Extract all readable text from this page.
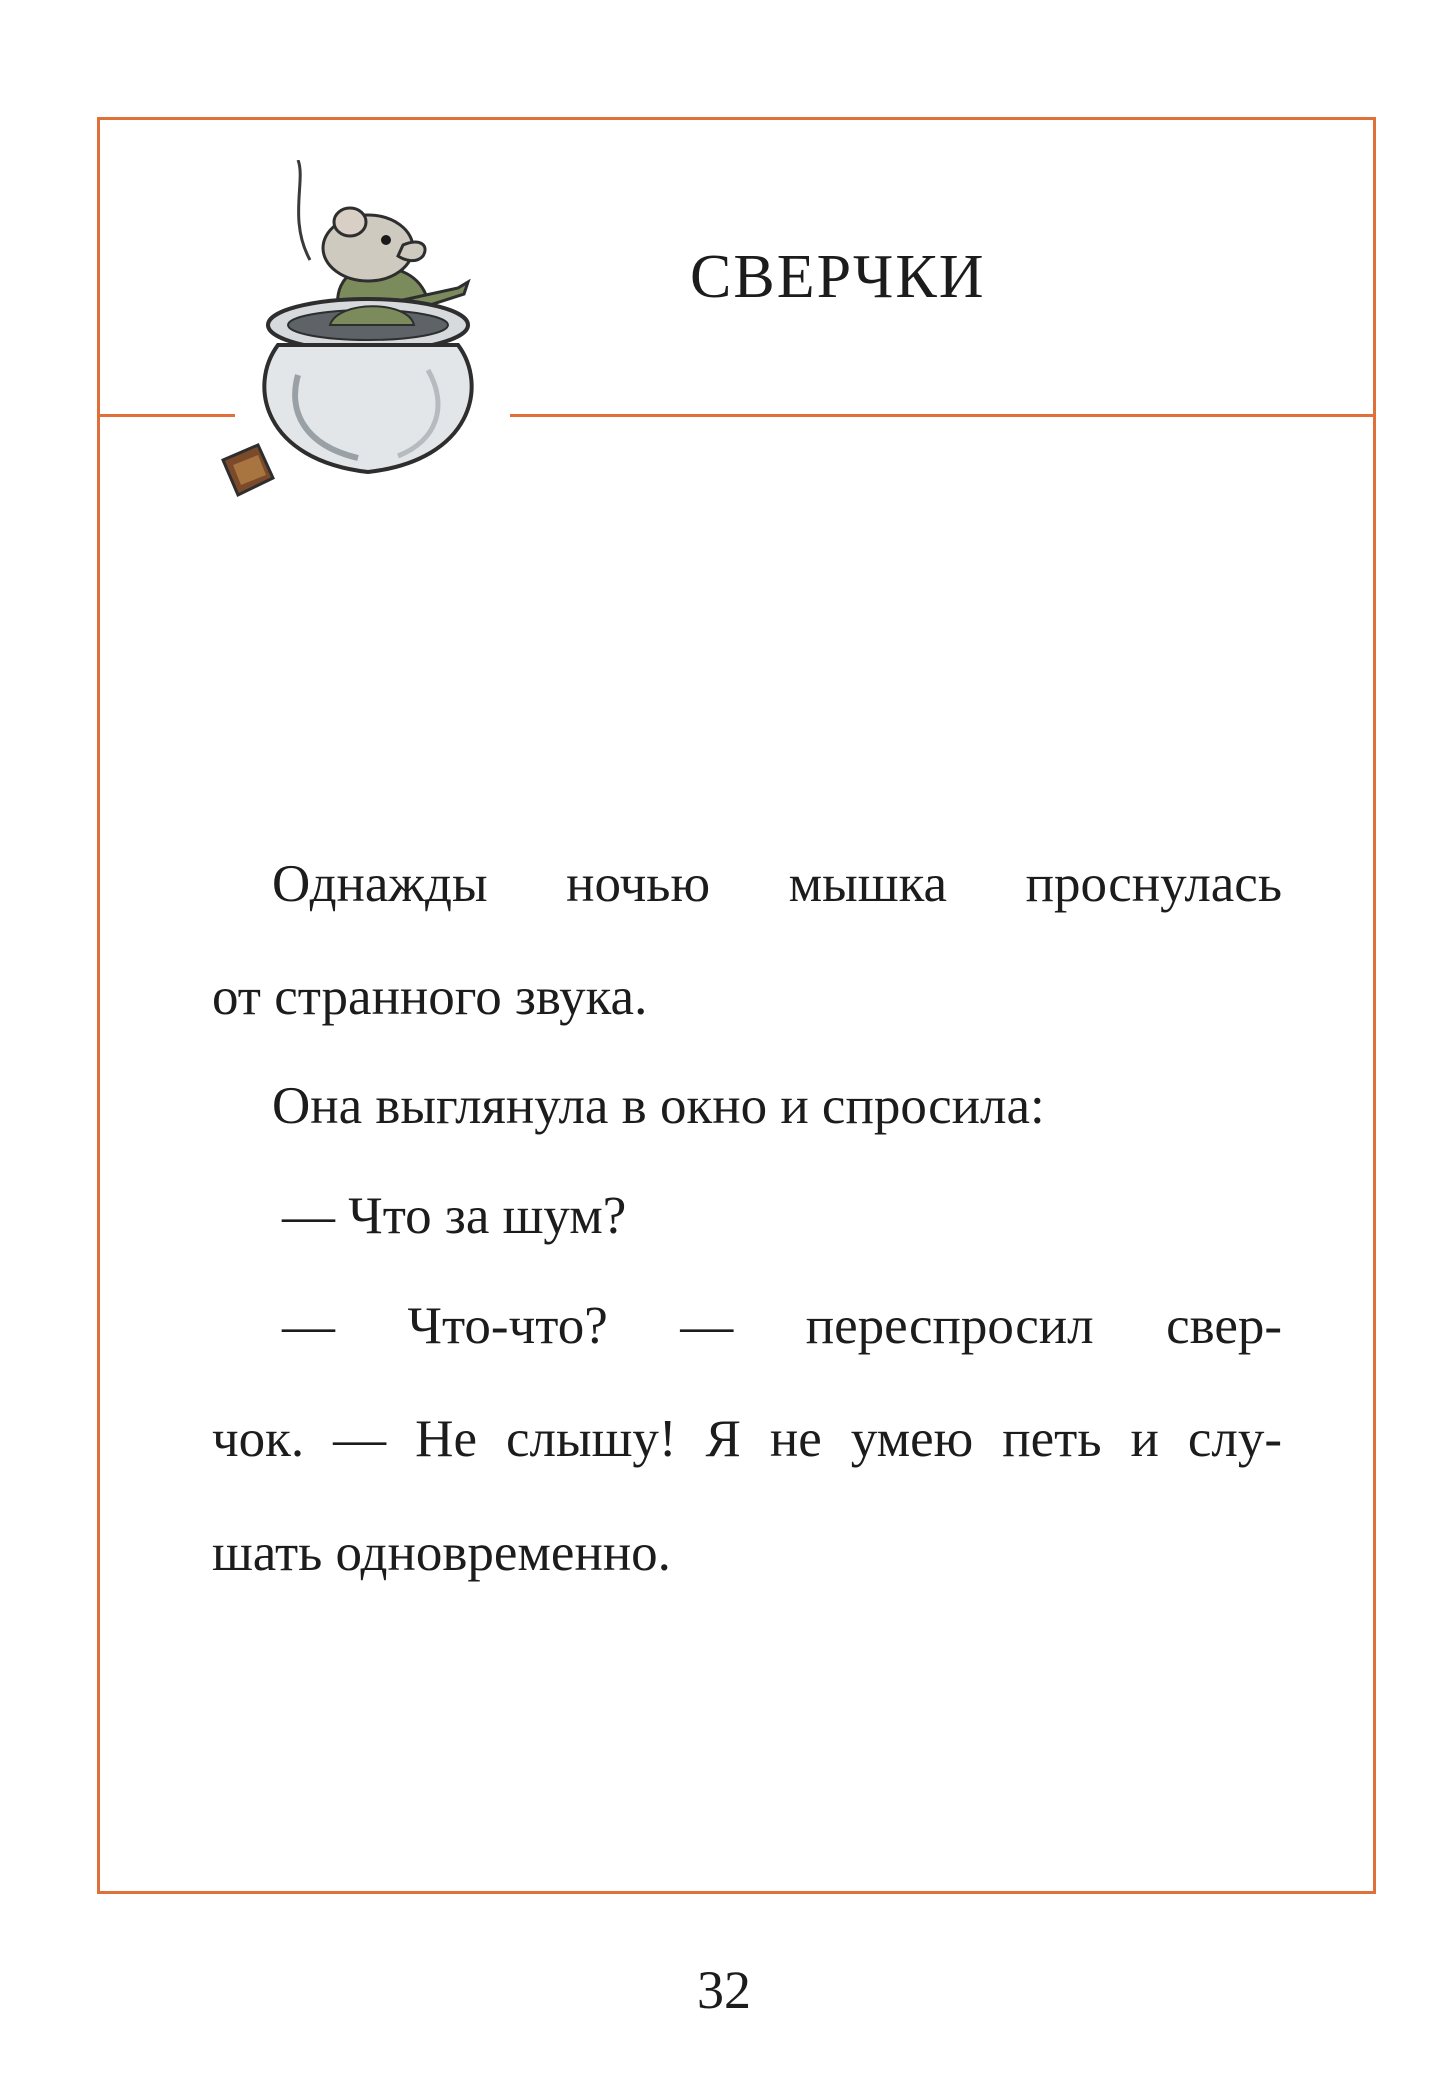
СВЕРЧКИ
Однажды ночью мышка проснулась
от странного звука.
Она выглянула в окно и спросила:
— Что за шум?
— Что-что? — переспросил свер-
чок. — Не слышу! Я не умею петь и слу-
шать одновременно.
32
